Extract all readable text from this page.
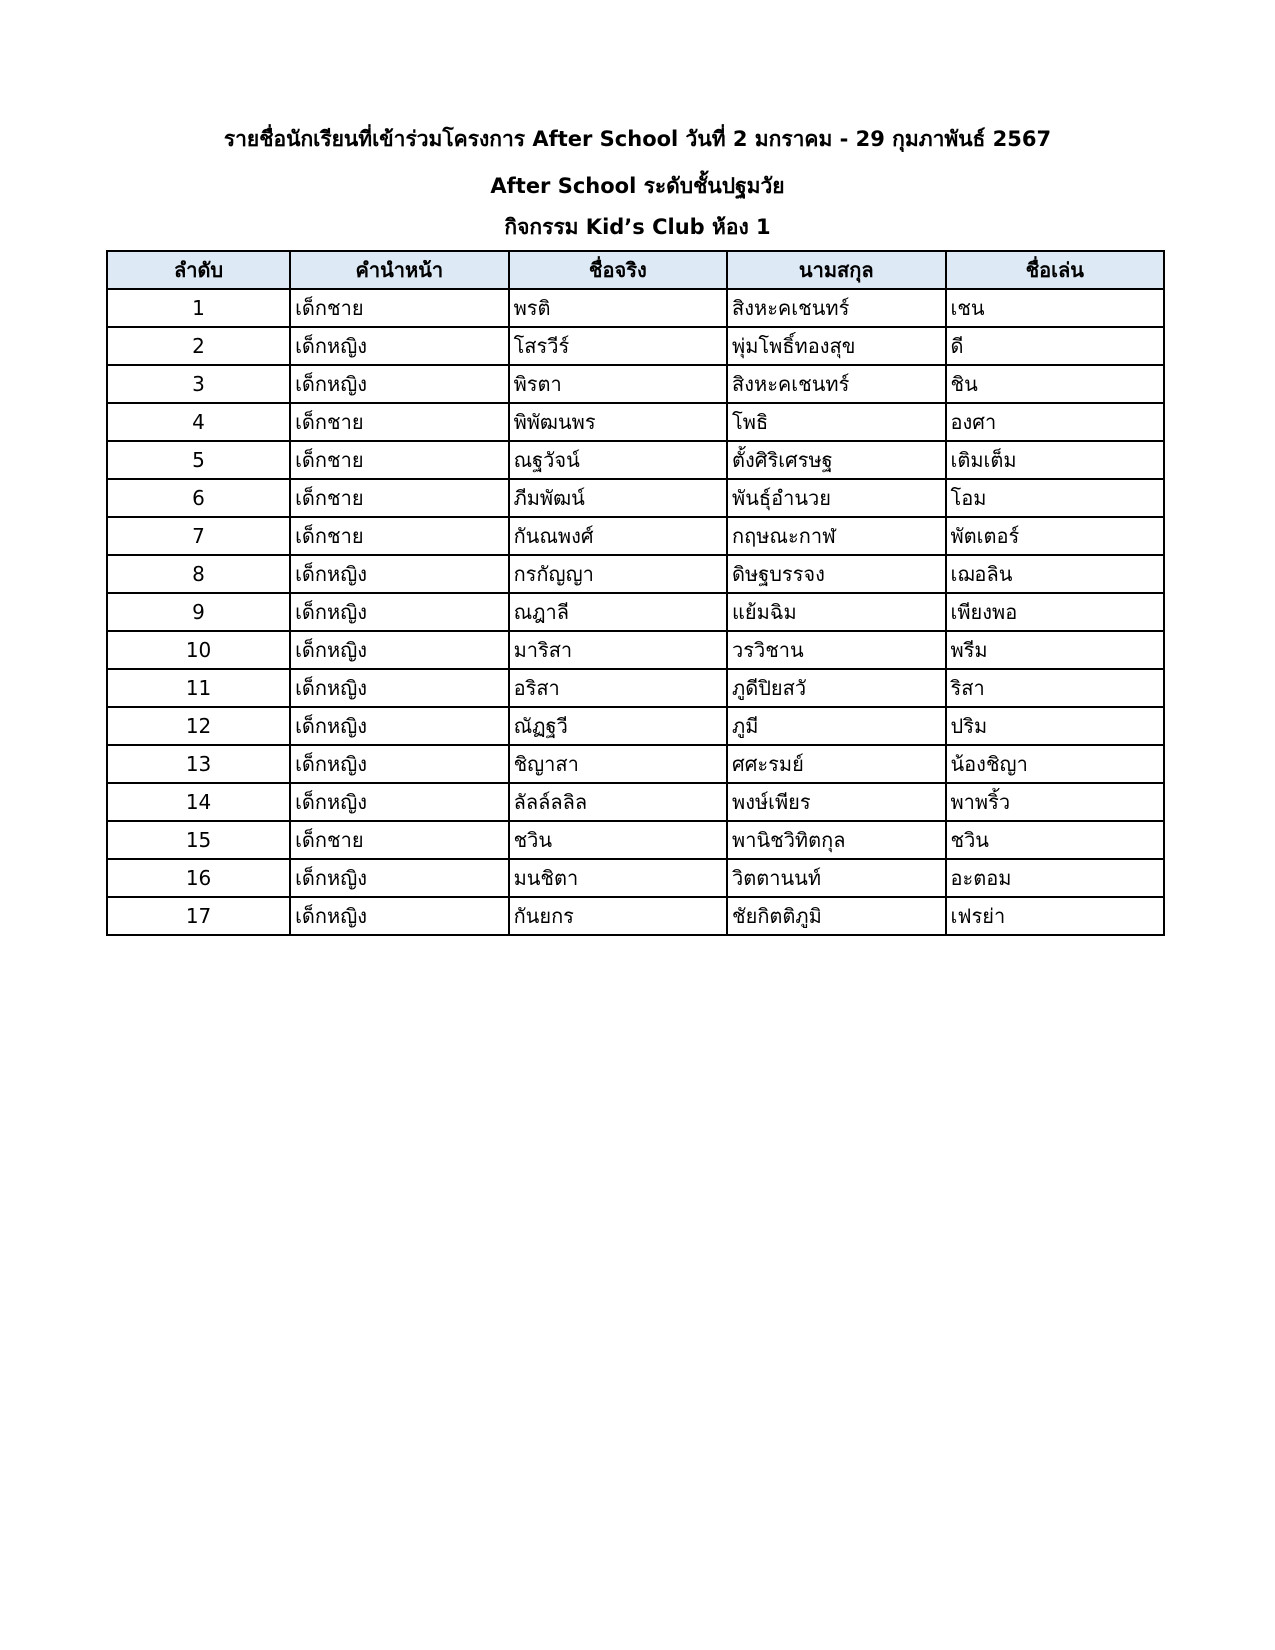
รายชื่อนักเรียนที่เข้าร่วมโครงการ After School วันที่ 2 มกราคม - 29 กุมภาพันธ์ 2567
After School ระดับชั้นปฐมวัย
กิจกรรม Kid’s Club ห้อง 1
ลำดับ	คำนำหน้า	ชื่อจริง	นามสกุล	ชื่อเล่น
1	เด็กชาย	พรติ	สิงหะคเชนทร์	เชน
2	เด็กหญิง	โสรวีร์	พุ่มโพธิ์ทองสุข	ดี
3	เด็กหญิง	พิรตา	สิงหะคเชนทร์	ชิน
4	เด็กชาย	พิพัฒนพร	โพธิ	องศา
5	เด็กชาย	ณฐวัจน์	ตั้งศิริเศรษฐ	เติมเต็ม
6	เด็กชาย	ภีมพัฒน์	พันธุ์อำนวย	โอม
7	เด็กชาย	กันณพงศ์	กฤษณะกาฬ	พัตเตอร์
8	เด็กหญิง	กรกัญญา	ดิษฐบรรจง	เฌอลิน
9	เด็กหญิง	ณฎาลี	แย้มฉิม	เพียงพอ
10	เด็กหญิง	มาริสา	วรวิชาน	พรีม
11	เด็กหญิง	อริสา	ภูดีปิยสวั	ริสา
12	เด็กหญิง	ณัฏฐวี	ภูมี	ปริม
13	เด็กหญิง	ชิญาสา	ศศะรมย์	น้องชิญา
14	เด็กหญิง	ลัลล์ลลิล	พงษ์เพียร	พาพริ้ว
15	เด็กชาย	ชวิน	พานิชวิทิตกุล	ชวิน
16	เด็กหญิง	มนชิตา	วิตตานนท์	อะตอม
17	เด็กหญิง	กันยกร	ชัยกิตติภูมิ	เฟรย่า
